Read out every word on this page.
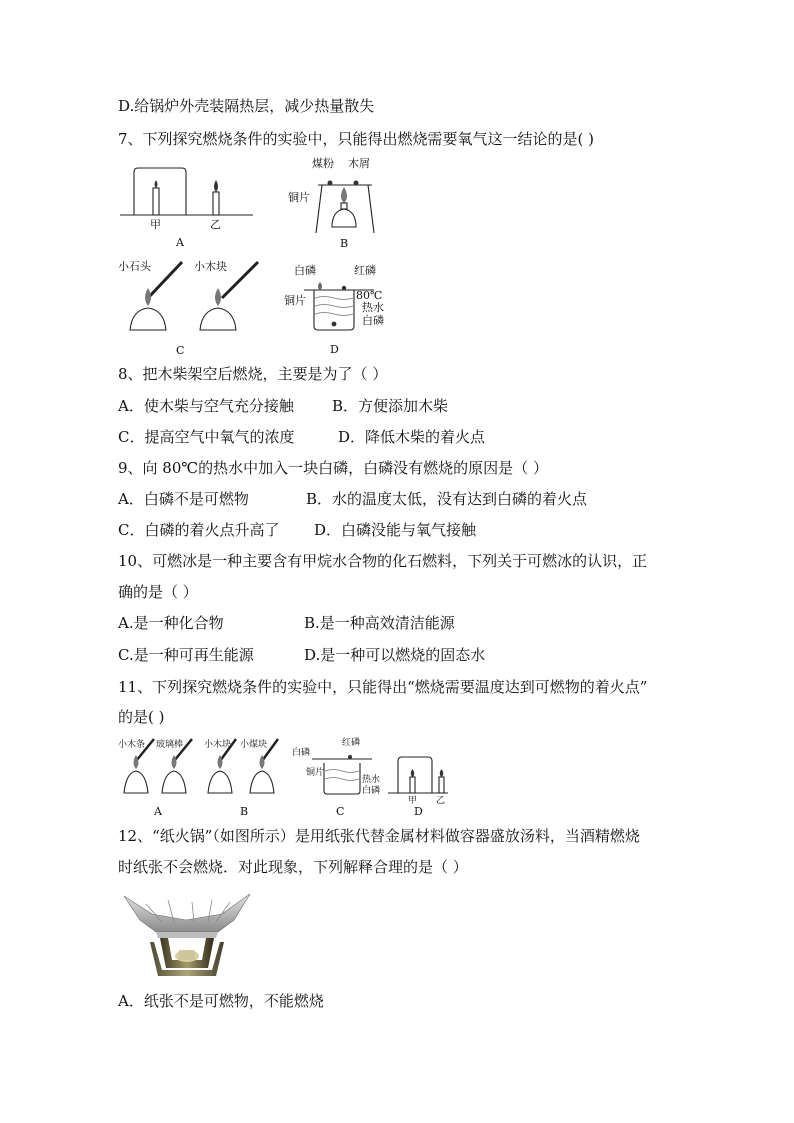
D.给锅炉外壳装隔热层，减少热量散失
7、下列探究燃烧条件的实验中，只能得出燃烧需要氧气这一结论的是( )
甲	乙
A
煤粉 木屑
铜片
B
小石头	小木块
C
白磷	红磷
铜片	80℃
热水
白磷
D
8、把木柴架空后燃烧，主要是为了（ ）
A．使木柴与空气充分接触	B．方便添加木柴
C．提高空气中氧气的浓度	D．降低木柴的着火点
9、向 80℃的热水中加入一块白磷，白磷没有燃烧的原因是（ ）
A．白磷不是可燃物	B．水的温度太低，没有达到白磷的着火点
C．白磷的着火点升高了 D．白磷没能与氧气接触
10、可燃冰是一种主要含有甲烷水合物的化石燃料，下列关于可燃冰的认识，正
确的是（ ）
A.是一种化合物	B.是一种高效清洁能源
C.是一种可再生能源	D.是一种可以燃烧的固态水
11、下列探究燃烧条件的实验中，只能得出“燃烧需要温度达到可燃物的着火点”
的是( )
小木条 玻璃棒
A
小木块 小煤块
B
红磷
白磷
铜片
热水
白磷
C
甲 乙
D
12、“纸火锅”（如图所示）是用纸张代替金属材料做容器盛放汤料，当酒精燃烧
时纸张不会燃烧．对此现象，下列解释合理的是（ ）
A．纸张不是可燃物，不能燃烧
